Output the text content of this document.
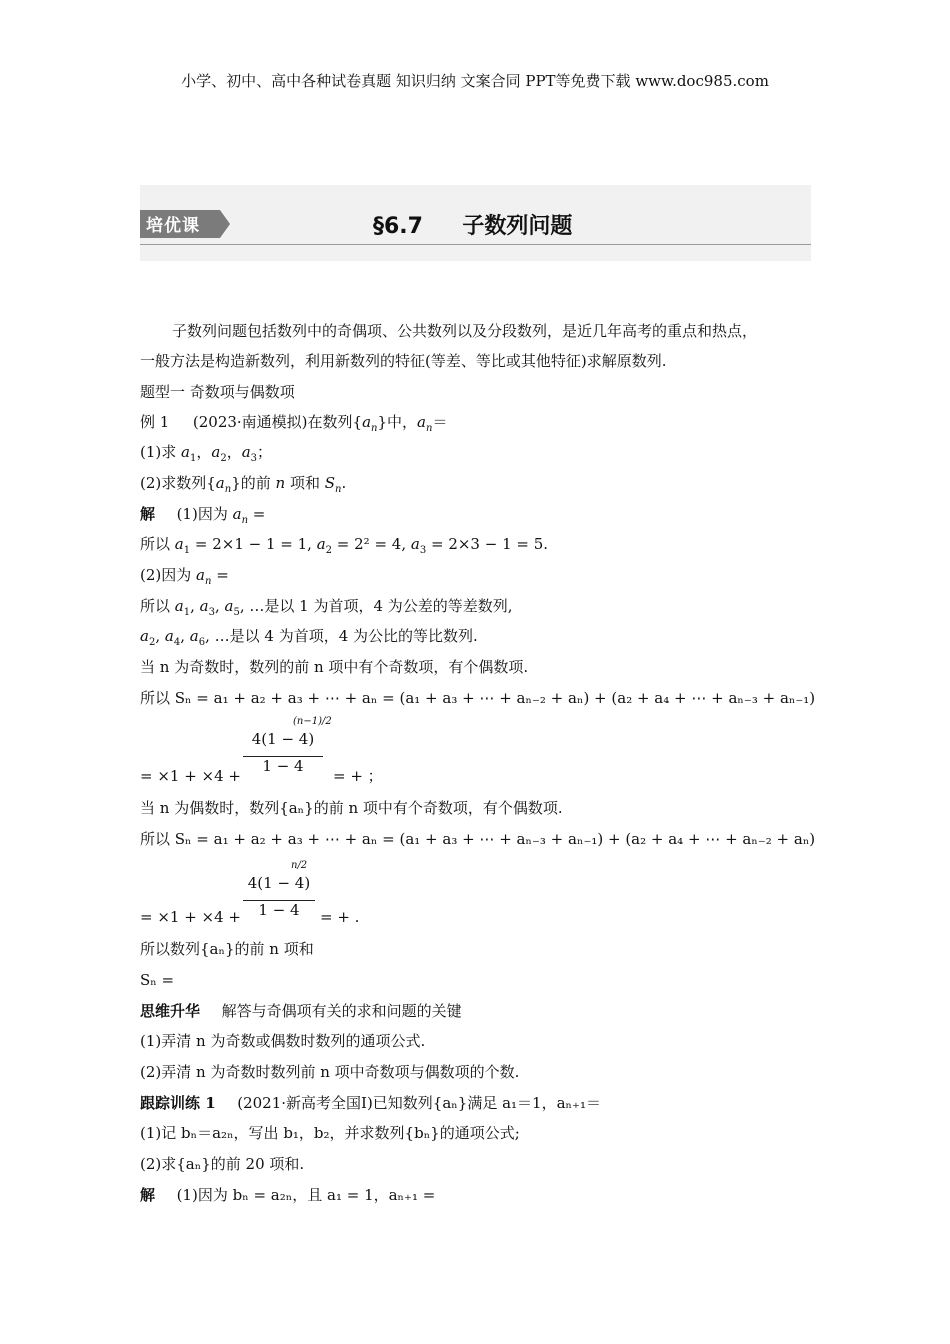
小学、初中、高中各种试卷真题 知识归纳 文案合同 PPT等免费下载 www.doc985.com
培优课	§6.7 子数列问题
子数列问题包括数列中的奇偶项、公共数列以及分段数列，是近几年高考的重点和热点，
一般方法是构造新数列，利用新数列的特征(等差、等比或其他特征)求解原数列.
题型一 奇数项与偶数项
例 1 (2023·南通模拟)在数列$\{a_n\}$中，$a_n=$
(1)求 $a_1$，$a_2$，$a_3$；
(2)求数列$\{a_n\}$的前 n 项和 $S_n$.
解 (1)因为 $a_n$ =
所以 $a_1 = 2\times 1 - 1 = 1$, $a_2 = 2^2 = 4$, $a_3 = 2\times 3 - 1 = 5$.
(2)因为 $a_n$ =
所以 $a_1$, $a_3$, $a_5$, …是以 1 为首项，4 为公差的等差数列,
$a_2$, $a_4$, $a_6$, …是以 4 为首项，4 为公比的等比数列.
当 n 为奇数时，数列的前 n 项中有个奇数项，有个偶数项.
所以 Sₙ = a₁ + a₂ + a₃ + ⋯ + aₙ = (a₁ + a₃ + ⋯ + aₙ₋₂ + aₙ) + (a₂ + a₄ + ⋯ + aₙ₋₃ + aₙ₋₁)
4(1 − 4)
(n−1)/2
1 − 4
= ×1 + ×4 +	= + ；
当 n 为偶数时，数列{aₙ}的前 n 项中有个奇数项，有个偶数项.
所以 Sₙ = a₁ + a₂ + a₃ + ⋯ + aₙ = (a₁ + a₃ + ⋯ + aₙ₋₃ + aₙ₋₁) + (a₂ + a₄ + ⋯ + aₙ₋₂ + aₙ)
4(1 − 4)
n/2
1 − 4
= ×1 + ×4 +	= + .
所以数列{aₙ}的前 n 项和
Sₙ =
思维升华 解答与奇偶项有关的求和问题的关键
(1)弄清 n 为奇数或偶数时数列的通项公式.
(2)弄清 n 为奇数时数列前 n 项中奇数项与偶数项的个数.
跟踪训练 1 (2021·新高考全国Ⅰ)已知数列{aₙ}满足 a₁＝1，aₙ₊₁＝
(1)记 bₙ＝a₂ₙ，写出 b₁，b₂，并求数列{bₙ}的通项公式;
(2)求{aₙ}的前 20 项和.
解 (1)因为 bₙ = a₂ₙ，且 a₁ = 1，aₙ₊₁ =
